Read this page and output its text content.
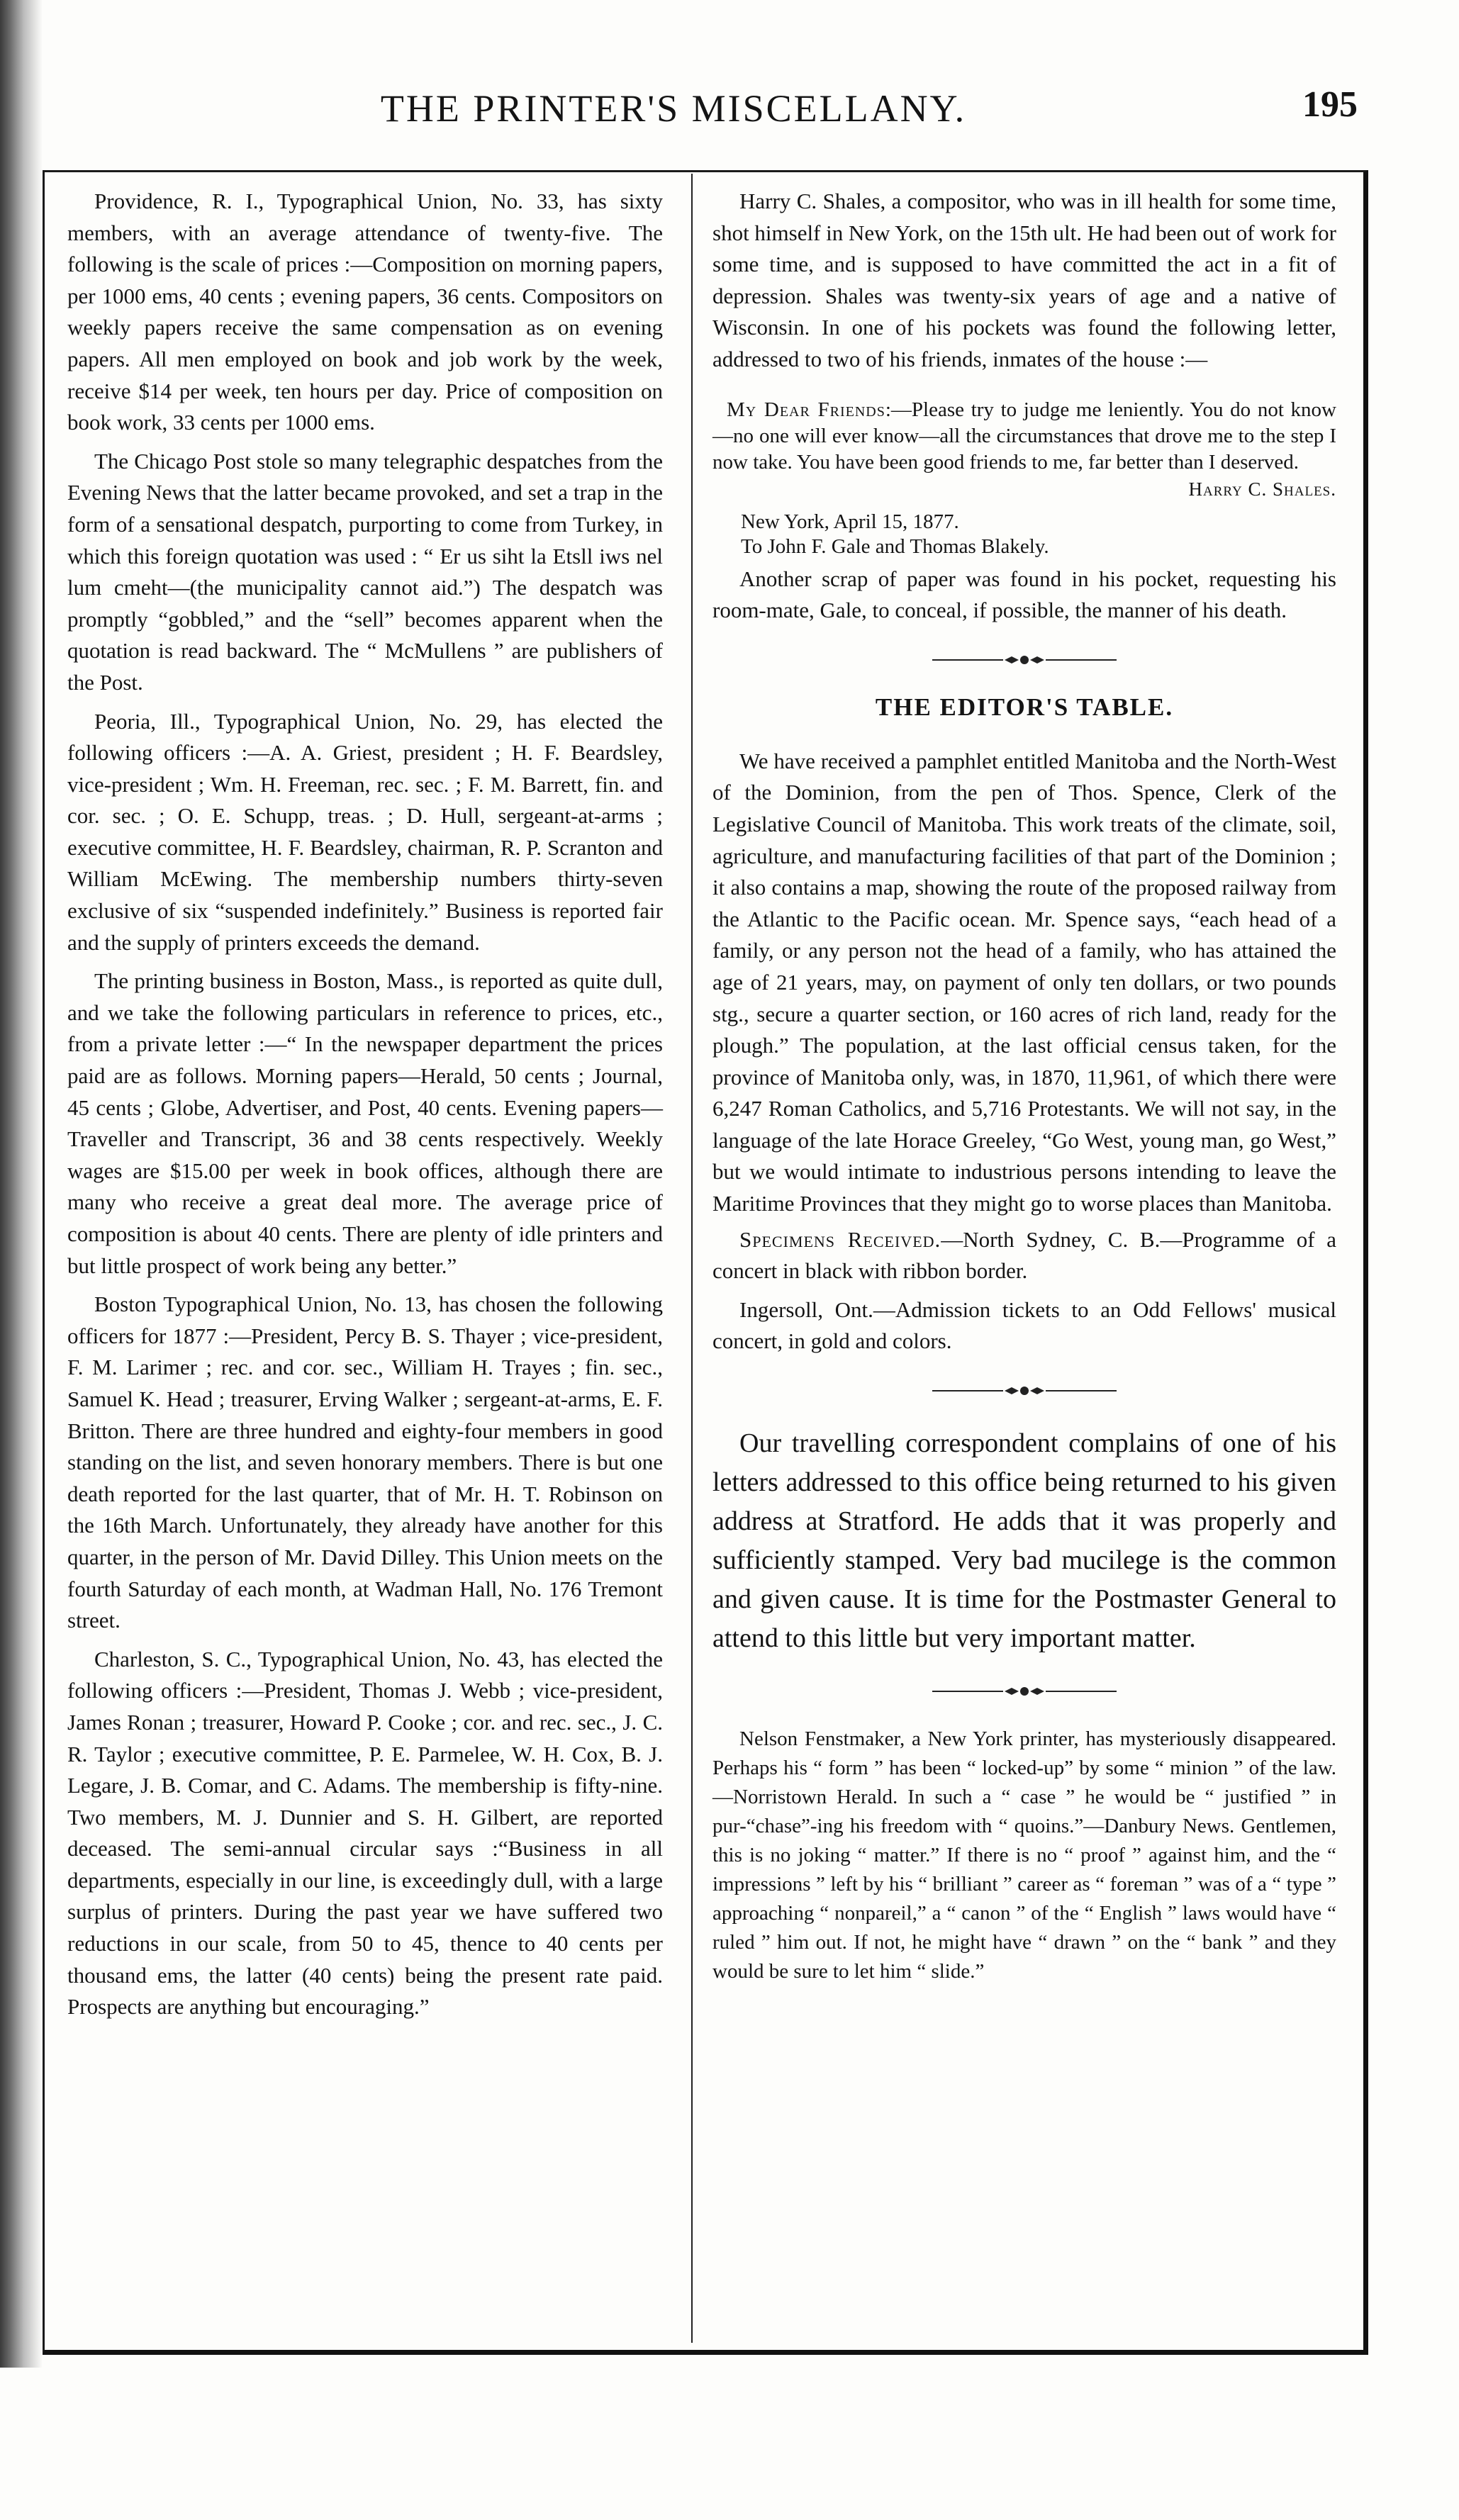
THE PRINTER'S MISCELLANY.	195

Providence, R. I., Typographical Union, No. 33, has sixty members, with an average attendance of twenty-five. The following is the scale of prices :—Composition on morning papers, per 1000 ems, 40 cents ; evening papers, 36 cents. Compositors on weekly papers receive the same compensation as on evening papers. All men employed on book and job work by the week, receive $14 per week, ten hours per day. Price of composition on book work, 33 cents per 1000 ems.

The Chicago Post stole so many telegraphic despatches from the Evening News that the latter became provoked, and set a trap in the form of a sensational despatch, purporting to come from Turkey, in which this foreign quotation was used : “ Er us siht la Etsll iws nel lum cmeht—(the municipality cannot aid.”) The despatch was promptly “gobbled,” and the “sell” becomes apparent when the quotation is read backward. The “ McMullens ” are publishers of the Post.

Peoria, Ill., Typographical Union, No. 29, has elected the following officers :—A. A. Griest, president ; H. F. Beardsley, vice-president ; Wm. H. Freeman, rec. sec. ; F. M. Barrett, fin. and cor. sec. ; O. E. Schupp, treas. ; D. Hull, sergeant-at-arms ; executive committee, H. F. Beardsley, chairman, R. P. Scranton and William McEwing. The membership numbers thirty-seven exclusive of six “suspended indefinitely.” Business is reported fair and the supply of printers exceeds the demand.

The printing business in Boston, Mass., is reported as quite dull, and we take the following particulars in reference to prices, etc., from a private letter :—“ In the newspaper department the prices paid are as follows. Morning papers—Herald, 50 cents ; Journal, 45 cents ; Globe, Advertiser, and Post, 40 cents. Evening papers—Traveller and Transcript, 36 and 38 cents respectively. Weekly wages are $15.00 per week in book offices, although there are many who receive a great deal more. The average price of composition is about 40 cents. There are plenty of idle printers and but little prospect of work being any better.”

Boston Typographical Union, No. 13, has chosen the following officers for 1877 :—President, Percy B. S. Thayer ; vice-president, F. M. Larimer ; rec. and cor. sec., William H. Trayes ; fin. sec., Samuel K. Head ; treasurer, Erving Walker ; sergeant-at-arms, E. F. Britton. There are three hundred and eighty-four members in good standing on the list, and seven honorary members. There is but one death reported for the last quarter, that of Mr. H. T. Robinson on the 16th March. Unfortunately, they already have another for this quarter, in the person of Mr. David Dilley. This Union meets on the fourth Saturday of each month, at Wadman Hall, No. 176 Tremont street.

Charleston, S. C., Typographical Union, No. 43, has elected the following officers :—President, Thomas J. Webb ; vice-president, James Ronan ; treasurer, Howard P. Cooke ; cor. and rec. sec., J. C. R. Taylor ; executive committee, P. E. Parmelee, W. H. Cox, B. J. Legare, J. B. Comar, and C. Adams. The membership is fifty-nine. Two members, M. J. Dunnier and S. H. Gilbert, are reported deceased. The semi-annual circular says :“Business in all departments, especially in our line, is exceedingly dull, with a large surplus of printers. During the past year we have suffered two reductions in our scale, from 50 to 45, thence to 40 cents per thousand ems, the latter (40 cents) being the present rate paid. Prospects are anything but encouraging.”

Harry C. Shales, a compositor, who was in ill health for some time, shot himself in New York, on the 15th ult. He had been out of work for some time, and is supposed to have committed the act in a fit of depression. Shales was twenty-six years of age and a native of Wisconsin. In one of his pockets was found the following letter, addressed to two of his friends, inmates of the house :—

My Dear Friends:—Please try to judge me leniently. You do not know—no one will ever know—all the circumstances that drove me to the step I now take. You have been good friends to me, far better than I deserved.

Harry C. Shales.

New York, April 15, 1877.

To John F. Gale and Thomas Blakely.

Another scrap of paper was found in his pocket, requesting his room-mate, Gale, to conceal, if possible, the manner of his death.

THE EDITOR'S TABLE.

We have received a pamphlet entitled Manitoba and the North-West of the Dominion, from the pen of Thos. Spence, Clerk of the Legislative Council of Manitoba. This work treats of the climate, soil, agriculture, and manufacturing facilities of that part of the Dominion ; it also contains a map, showing the route of the proposed railway from the Atlantic to the Pacific ocean. Mr. Spence says, “each head of a family, or any person not the head of a family, who has attained the age of 21 years, may, on payment of only ten dollars, or two pounds stg., secure a quarter section, or 160 acres of rich land, ready for the plough.” The population, at the last official census taken, for the province of Manitoba only, was, in 1870, 11,961, of which there were 6,247 Roman Catholics, and 5,716 Protestants. We will not say, in the language of the late Horace Greeley, “Go West, young man, go West,” but we would intimate to industrious persons intending to leave the Maritime Provinces that they might go to worse places than Manitoba.

Specimens Received.—North Sydney, C. B.—Programme of a concert in black with ribbon border.

Ingersoll, Ont.—Admission tickets to an Odd Fellows' musical concert, in gold and colors.

Our travelling correspondent complains of one of his letters addressed to this office being returned to his given address at Stratford. He adds that it was properly and sufficiently stamped. Very bad mucilege is the common and given cause. It is time for the Postmaster General to attend to this little but very important matter.

Nelson Fenstmaker, a New York printer, has mysteriously disappeared. Perhaps his “ form ” has been “ locked-up” by some “ minion ” of the law.—Norristown Herald. In such a “ case ” he would be “ justified ” in pur-“chase”-ing his freedom with “ quoins.”—Danbury News. Gentlemen, this is no joking “ matter.” If there is no “ proof ” against him, and the “ impressions ” left by his “ brilliant ” career as “ foreman ” was of a “ type ” approaching “ nonpareil,” a “ canon ” of the “ English ” laws would have “ ruled ” him out. If not, he might have “ drawn ” on the “ bank ” and they would be sure to let him “ slide.”
